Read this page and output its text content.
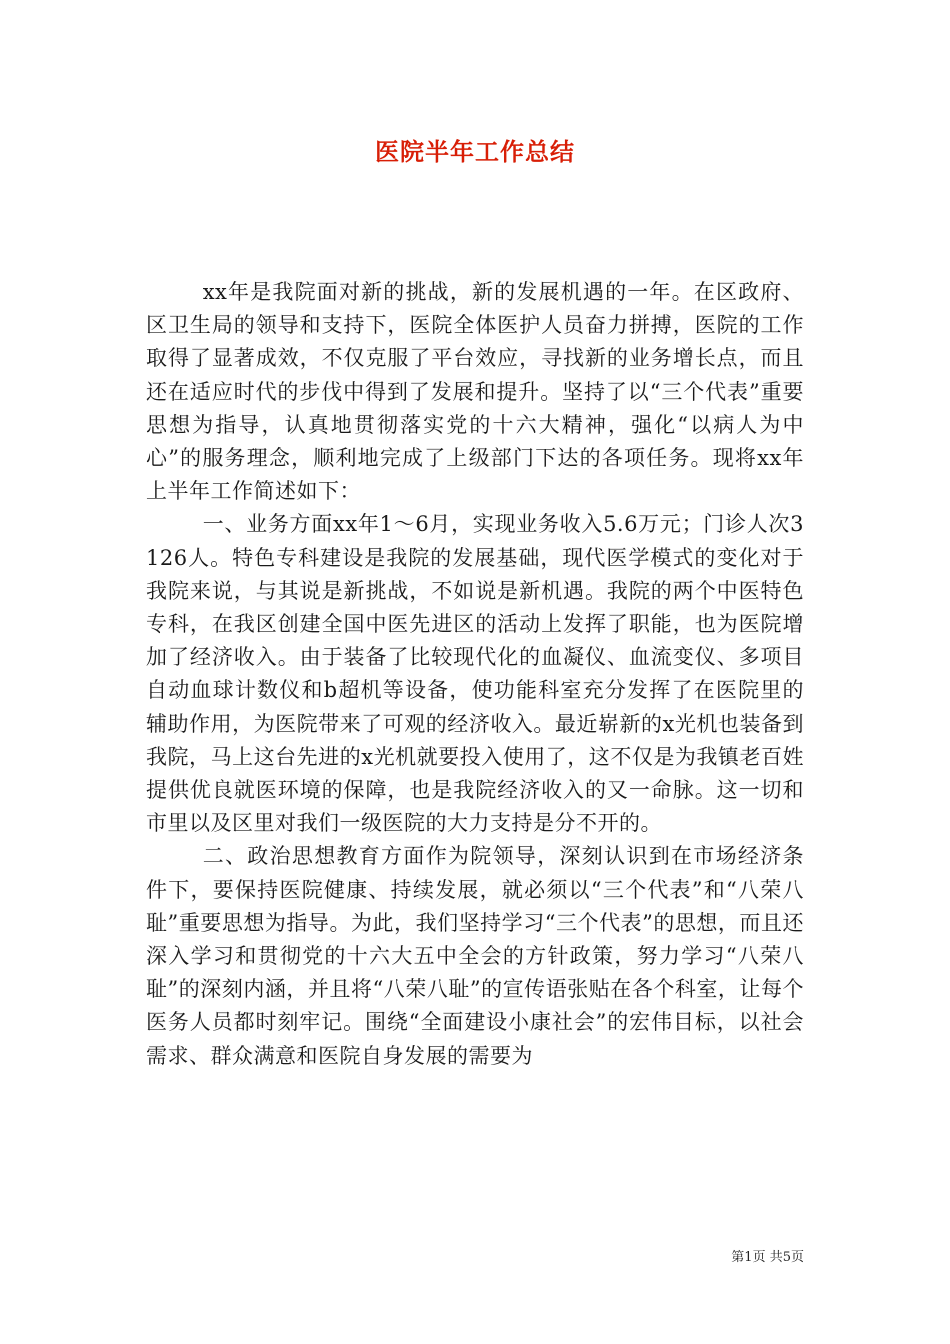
医院半年工作总结

xx年是我院面对新的挑战，新的发展机遇的一年。在区政府、区卫生局的领导和支持下，医院全体医护人员奋力拼搏，医院的工作取得了显著成效，不仅克服了平台效应，寻找新的业务增长点，而且还在适应时代的步伐中得到了发展和提升。坚持了以“三个代表”重要思想为指导，认真地贯彻落实党的十六大精神，强化“以病人为中心”的服务理念，顺利地完成了上级部门下达的各项任务。现将xx年上半年工作简述如下：

一、业务方面xx年1～6月，实现业务收入5.6万元；门诊人次3126人。特色专科建设是我院的发展基础，现代医学模式的变化对于我院来说，与其说是新挑战，不如说是新机遇。我院的两个中医特色专科，在我区创建全国中医先进区的活动上发挥了职能，也为医院增加了经济收入。由于装备了比较现代化的血凝仪、血流变仪、多项目自动血球计数仪和b超机等设备，使功能科室充分发挥了在医院里的辅助作用，为医院带来了可观的经济收入。最近崭新的x光机也装备到我院，马上这台先进的x光机就要投入使用了，这不仅是为我镇老百姓提供优良就医环境的保障，也是我院经济收入的又一命脉。这一切和市里以及区里对我们一级医院的大力支持是分不开的。

二、政治思想教育方面作为院领导，深刻认识到在市场经济条件下，要保持医院健康、持续发展，就必须以“三个代表”和“八荣八耻”重要思想为指导。为此，我们坚持学习“三个代表”的思想，而且还深入学习和贯彻党的十六大五中全会的方针政策，努力学习“八荣八耻”的深刻内涵，并且将“八荣八耻”的宣传语张贴在各个科室，让每个医务人员都时刻牢记。围绕“全面建设小康社会”的宏伟目标，以社会需求、群众满意和医院自身发展的需要为

第1页 共5页
